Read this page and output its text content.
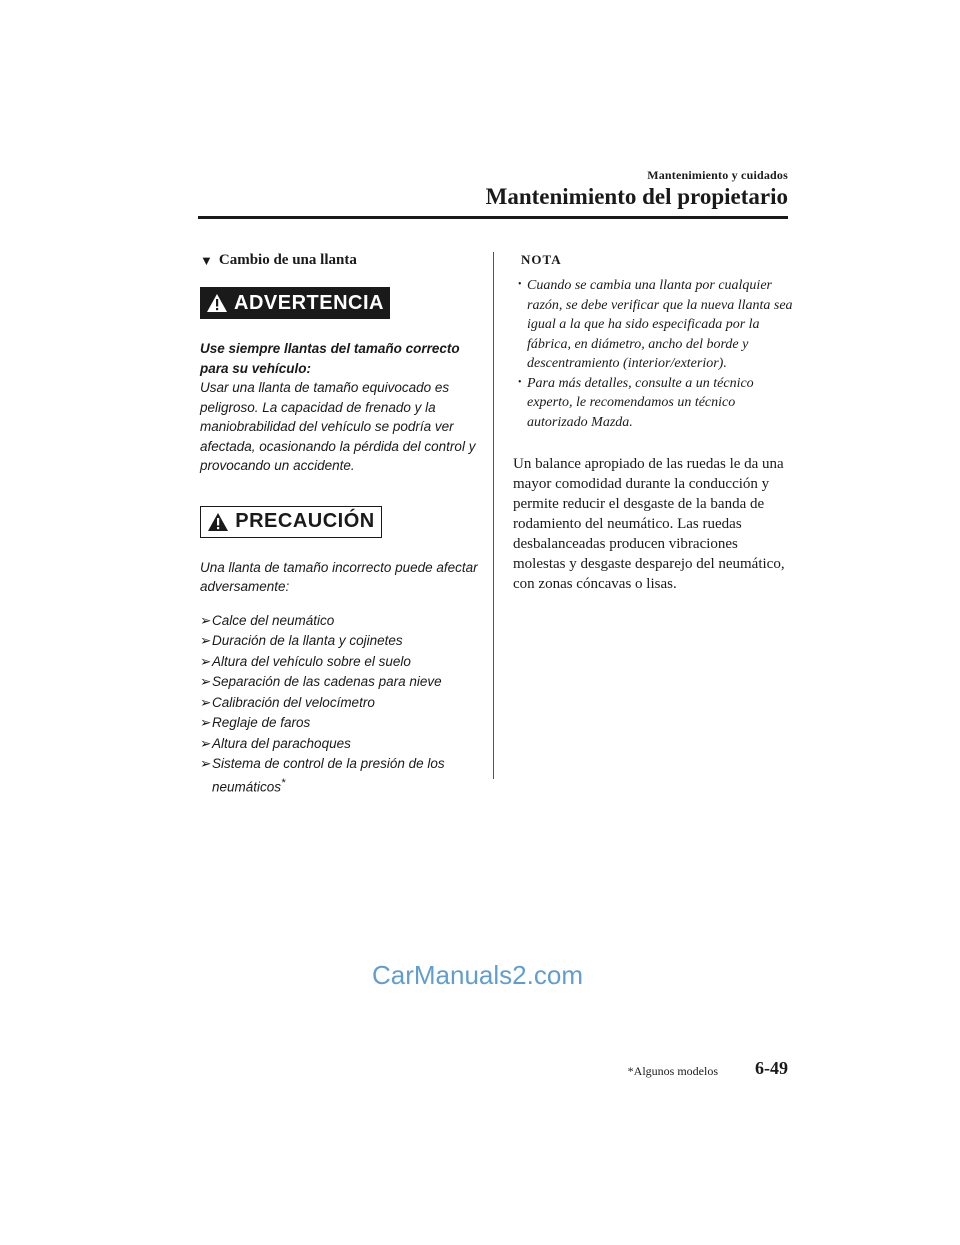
Mantenimiento y cuidados
Mantenimiento del propietario
▼ Cambio de una llanta
ADVERTENCIA
Use siempre llantas del tamaño correcto para su vehículo:
Usar una llanta de tamaño equivocado es peligroso. La capacidad de frenado y la maniobrabilidad del vehículo se podría ver afectada, ocasionando la pérdida del control y provocando un accidente.
PRECAUCIÓN
Una llanta de tamaño incorrecto puede afectar adversamente:
➢ Calce del neumático
➢ Duración de la llanta y cojinetes
➢ Altura del vehículo sobre el suelo
➢ Separación de las cadenas para nieve
➢ Calibración del velocímetro
➢ Reglaje de faros
➢ Altura del parachoques
➢ Sistema de control de la presión de los neumáticos*
NOTA
• Cuando se cambia una llanta por cualquier razón, se debe verificar que la nueva llanta sea igual a la que ha sido especificada por la fábrica, en diámetro, ancho del borde y descentramiento (interior/exterior).
• Para más detalles, consulte a un técnico experto, le recomendamos un técnico autorizado Mazda.

Un balance apropiado de las ruedas le da una mayor comodidad durante la conducción y permite reducir el desgaste de la banda de rodamiento del neumático. Las ruedas desbalanceadas producen vibraciones molestas y desgaste desparejo del neumático, con zonas cóncavas o lisas.

CarManuals2.com
*Algunos modelos 6-49
